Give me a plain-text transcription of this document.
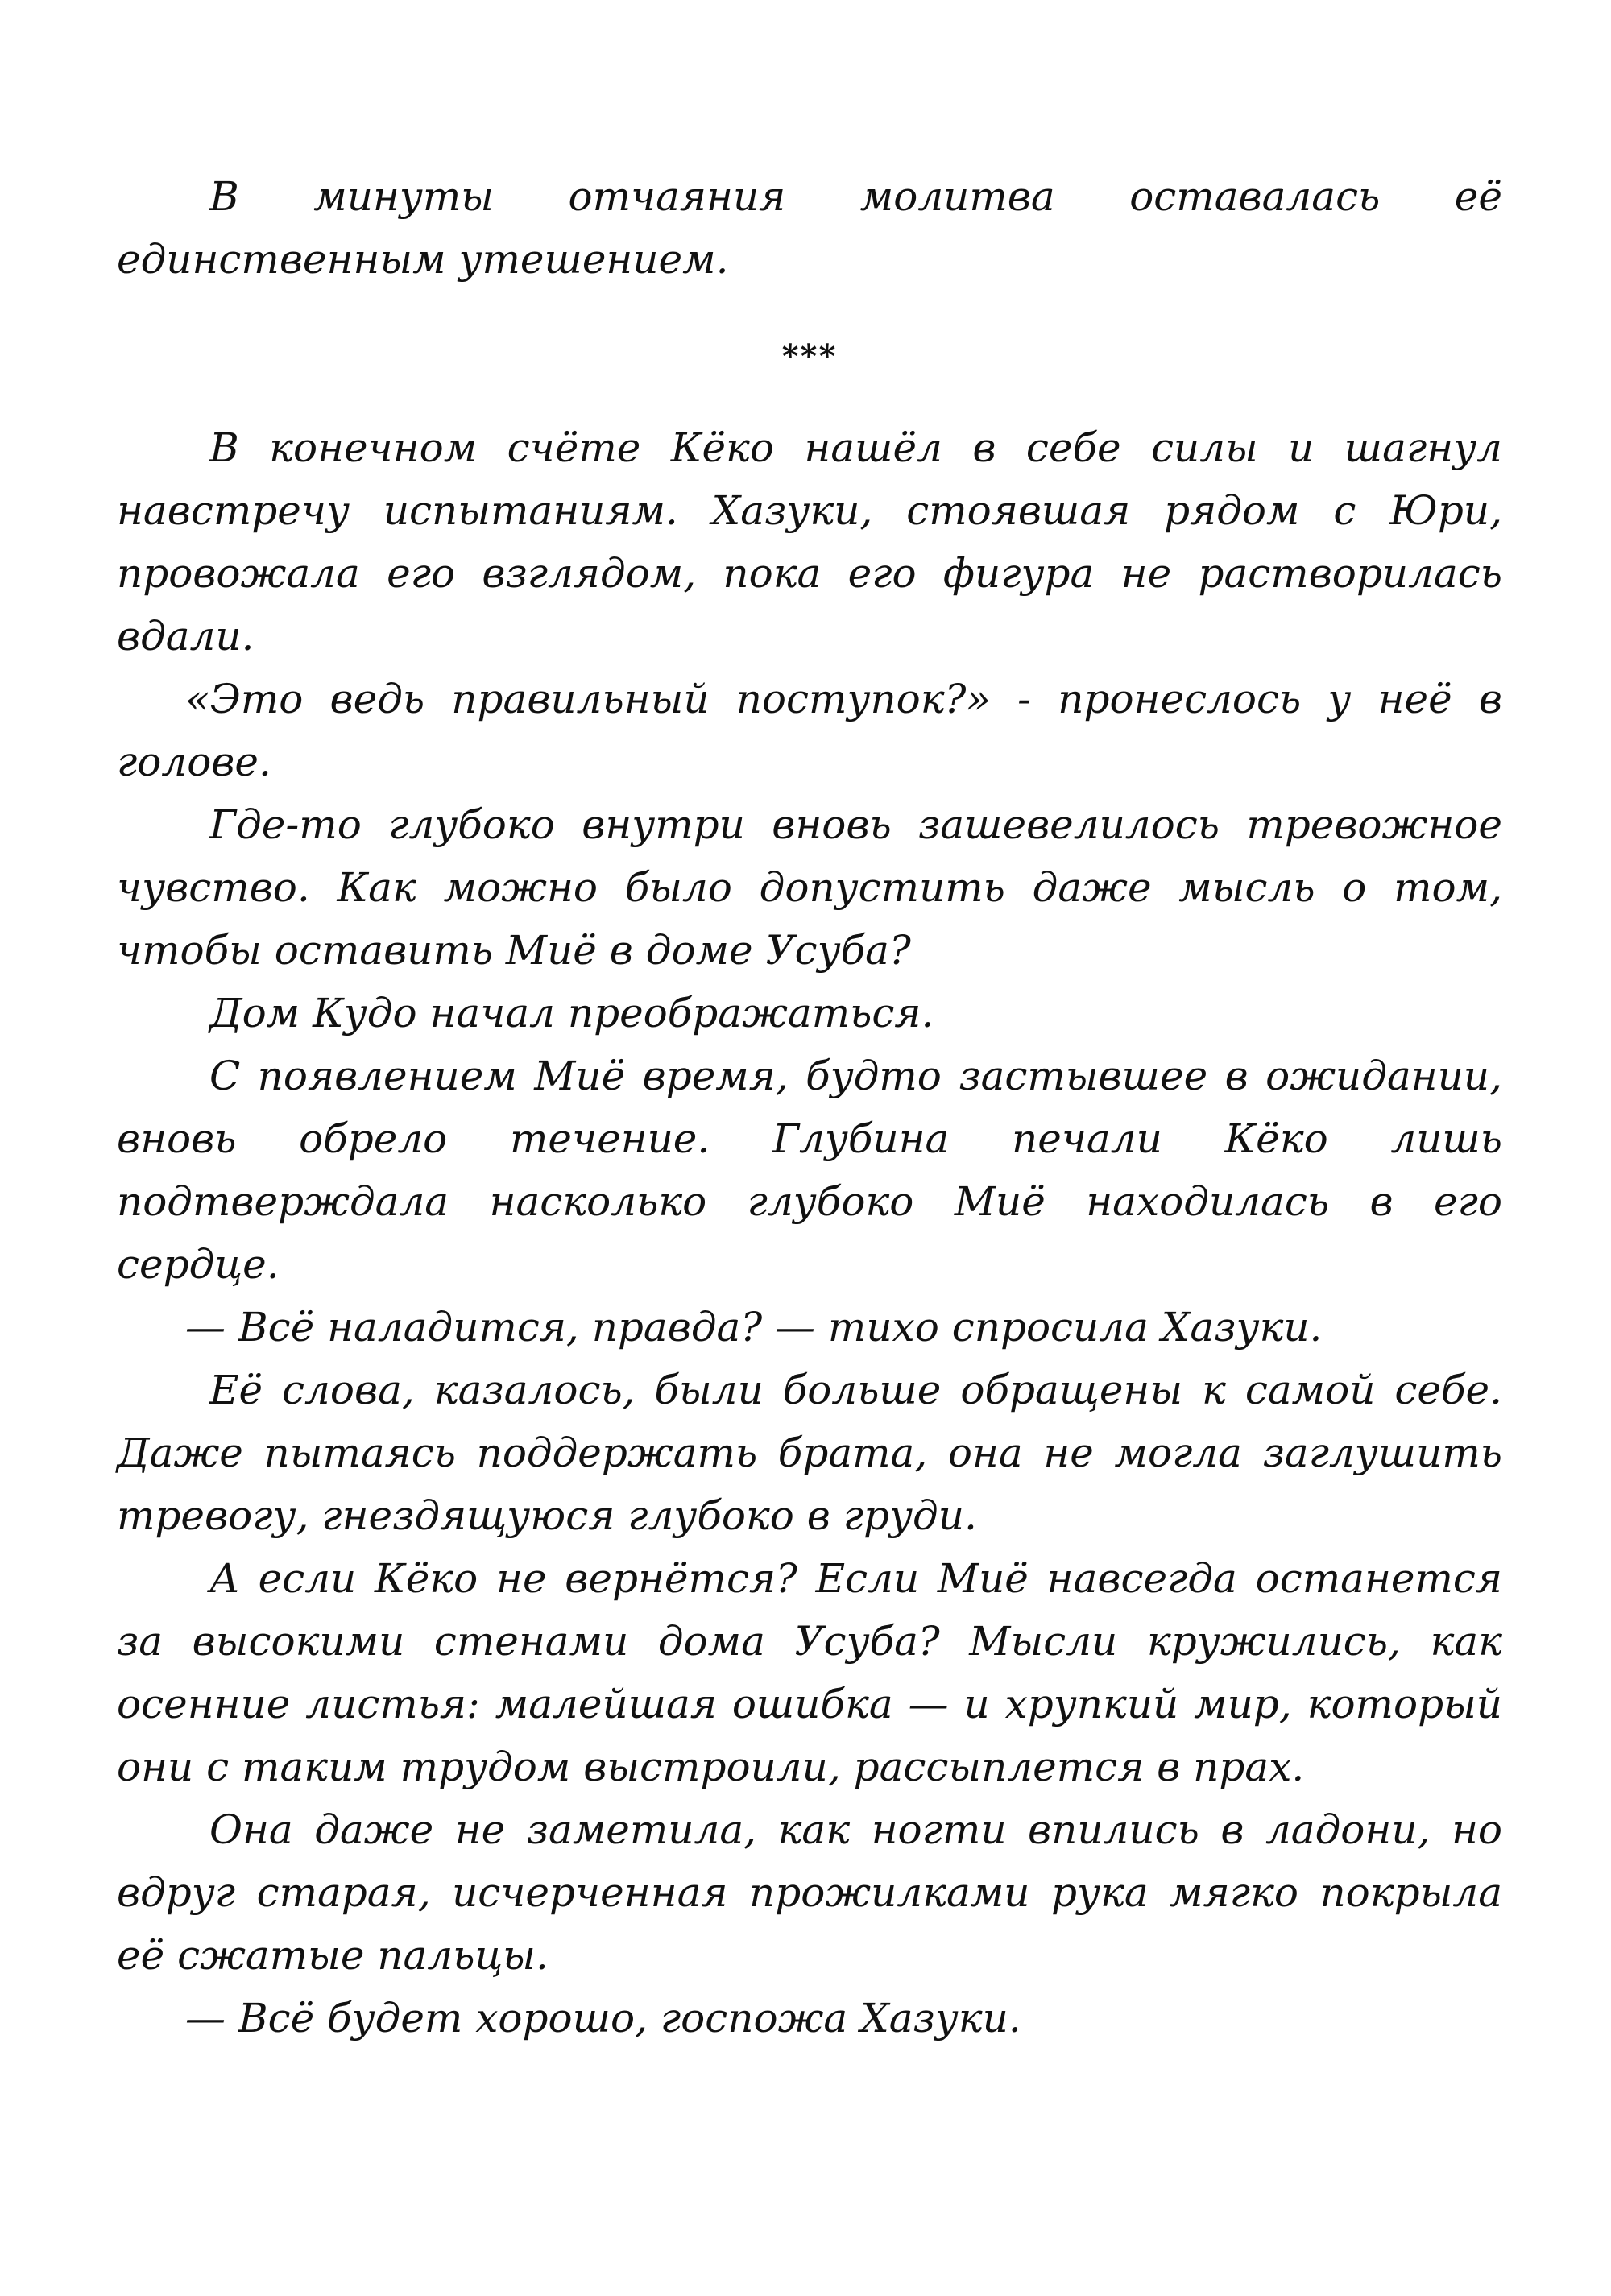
В минуты отчаяния молитва оставалась её единственным утешением.

***

В конечном счёте Кёко нашёл в себе силы и шагнул навстречу испытаниям. Хазуки, стоявшая рядом с Юри, провожала его взглядом, пока его фигура не растворилась вдали.

«Это ведь правильный поступок?» - пронеслось у неё в голове.

Где-то глубоко внутри вновь зашевелилось тревожное чувство. Как можно было допустить даже мысль о том, чтобы оставить Миё в доме Усуба?

Дом Кудо начал преображаться.

С появлением Миё время, будто застывшее в ожидании, вновь обрело течение. Глубина печали Кёко лишь подтверждала насколько глубоко Миё находилась в его сердце.

— Всё наладится, правда? — тихо спросила Хазуки.

Её слова, казалось, были больше обращены к самой себе. Даже пытаясь поддержать брата, она не могла заглушить тревогу, гнездящуюся глубоко в груди.

А если Кёко не вернётся? Если Миё навсегда останется за высокими стенами дома Усуба? Мысли кружились, как осенние листья: малейшая ошибка — и хрупкий мир, который они с таким трудом выстроили, рассыплется в прах.

Она даже не заметила, как ногти впились в ладони, но вдруг старая, исчерченная прожилками рука мягко покрыла её сжатые пальцы.

— Всё будет хорошо, госпожа Хазуки.
